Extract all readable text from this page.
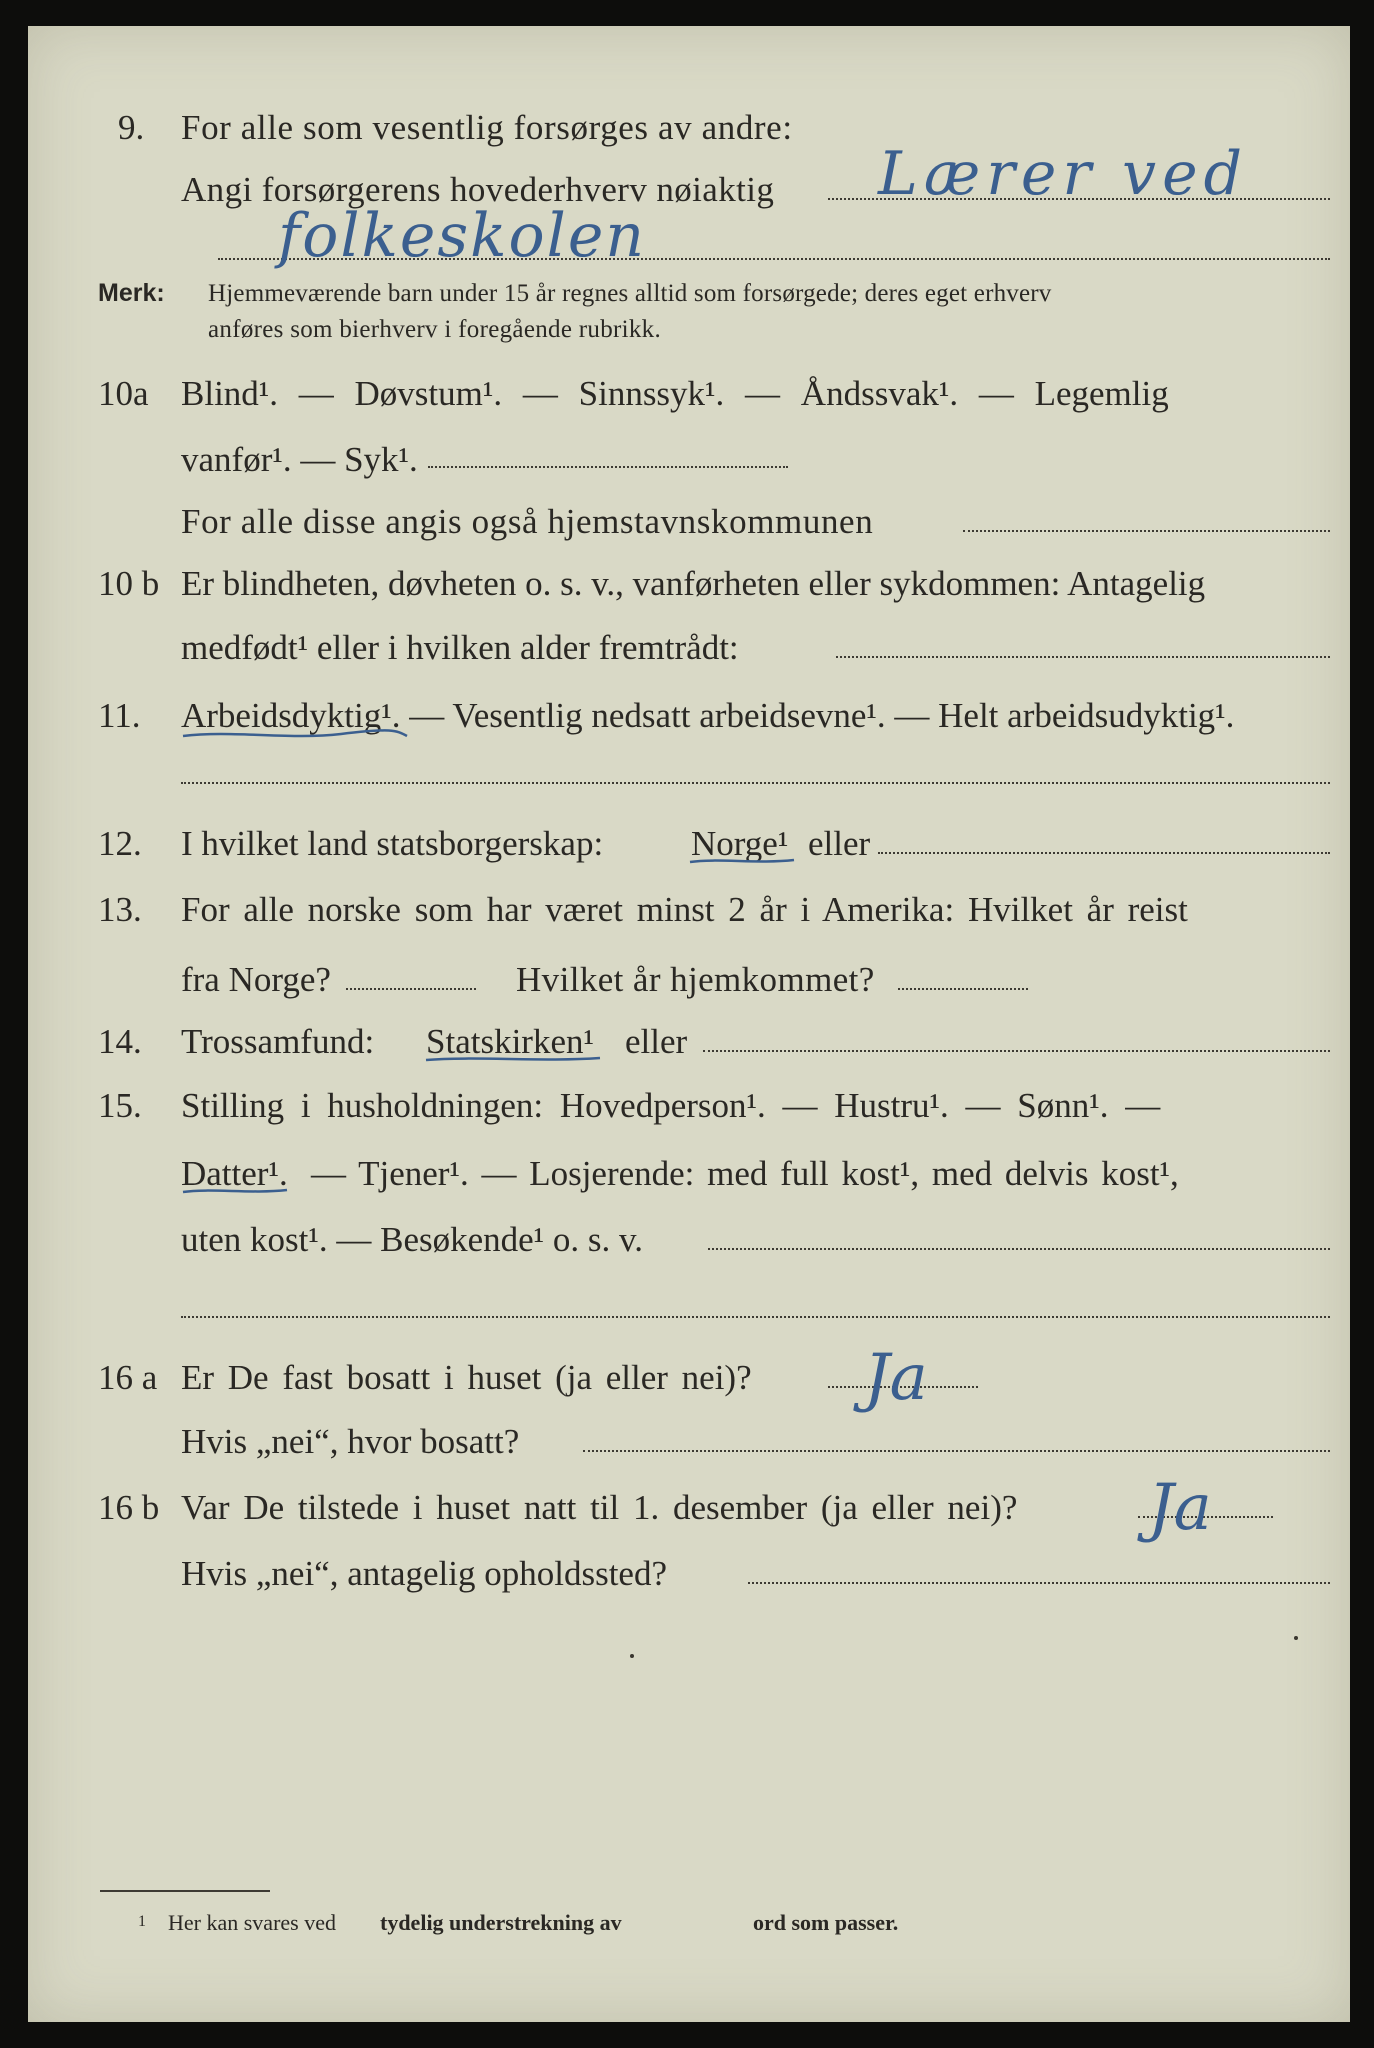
9. For alle som vesentlig forsørges av andre:
Angi forsørgerens hovederhverv nøiaktig Lærer ved
folkeskolen
Merk: Hjemmeværende barn under 15 år regnes alltid som forsørgede; deres eget erhverv
anføres som bierhverv i foregående rubrikk.
10a Blind¹. — Døvstum¹. — Sinnssyk¹. — Åndssvak¹. — Legemlig
vanfør¹. — Syk¹.
For alle disse angis også hjemstavnskommunen
10 b Er blindheten, døvheten o. s. v., vanførheten eller sykdommen: Antagelig
medfødt¹ eller i hvilken alder fremtrådt:
11. Arbeidsdyktig¹. — Vesentlig nedsatt arbeidsevne¹. — Helt arbeidsudyktig¹.
12. I hvilket land statsborgerskap:	Norge¹ eller
13. For alle norske som har været minst 2 år i Amerika: Hvilket år reist
fra Norge?	Hvilket år hjemkommet?
14. Trossamfund: Statskirken¹ eller
15. Stilling i husholdningen: Hovedperson¹. — Hustru¹. — Sønn¹. —
Datter¹. — Tjener¹. — Losjerende: med full kost¹, med delvis kost¹,
uten kost¹. — Besøkende¹ o. s. v.
16 a Er De fast bosatt i huset (ja eller nei)? Ja
Hvis „nei“, hvor bosatt?
16 b Var De tilstede i huset natt til 1. desember (ja eller nei)? Ja
Hvis „nei“, antagelig opholdssted?
1 Her kan svares ved tydelig understrekning av	ord som passer.
